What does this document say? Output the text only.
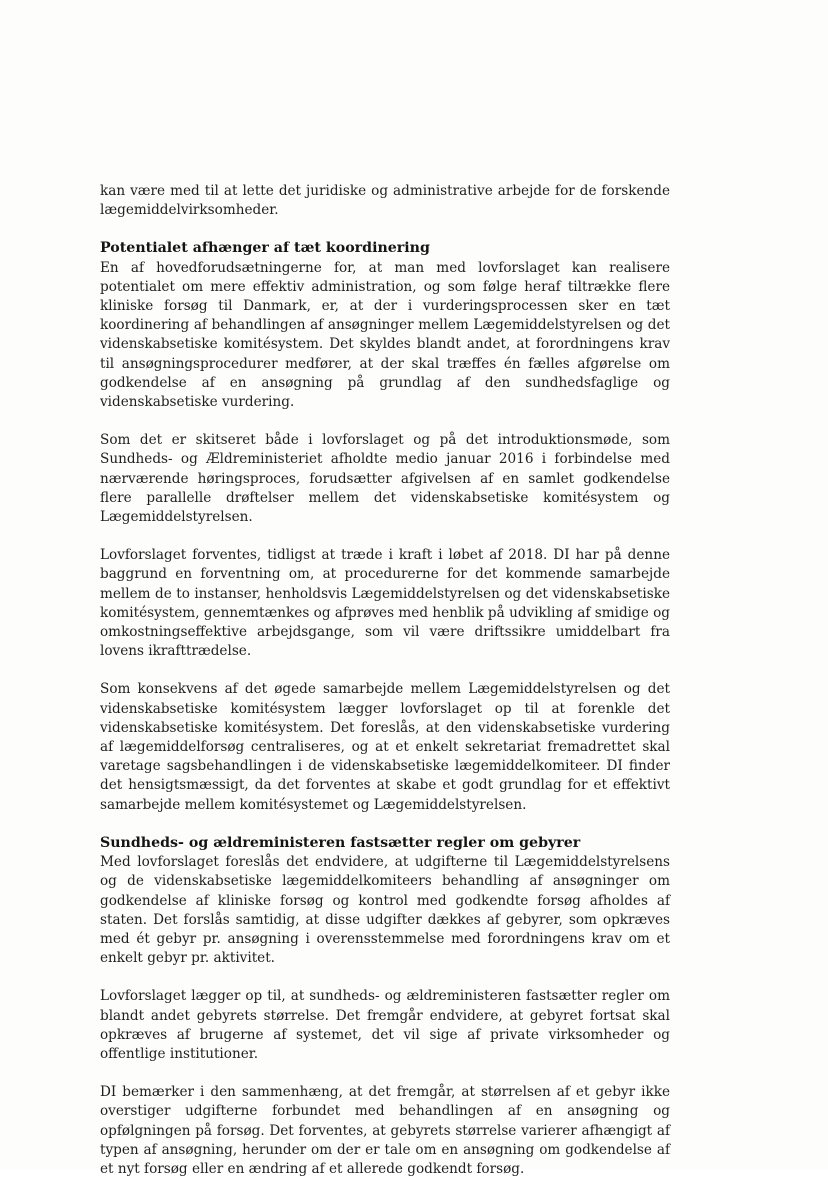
kan være med til at lette det juridiske og administrative arbejde for de forskende lægemiddelvirksomheder.

Potentialet afhænger af tæt koordinering

En af hovedforudsætningerne for, at man med lovforslaget kan realisere potentialet om mere effektiv administration, og som følge heraf tiltrække flere kliniske forsøg til Danmark, er, at der i vurderingsprocessen sker en tæt koordinering af behandlingen af ansøgninger mellem Lægemiddelstyrelsen og det videnskabsetiske komitésystem. Det skyldes blandt andet, at forordningens krav til ansøgningsprocedurer medfører, at der skal træffes én fælles afgørelse om godkendelse af en ansøgning på grundlag af den sundhedsfaglige og videnskabsetiske vurdering.

Som det er skitseret både i lovforslaget og på det introduktionsmøde, som Sundheds- og Ældreministeriet afholdte medio januar 2016 i forbindelse med nærværende høringsproces, forudsætter afgivelsen af en samlet godkendelse flere parallelle drøftelser mellem det videnskabsetiske komitésystem og Lægemiddelstyrelsen.

Lovforslaget forventes, tidligst at træde i kraft i løbet af 2018. DI har på denne baggrund en forventning om, at procedurerne for det kommende samarbejde mellem de to instanser, henholdsvis Lægemiddelstyrelsen og det videnskabsetiske komitésystem, gennemtænkes og afprøves med henblik på udvikling af smidige og omkostningseffektive arbejdsgange, som vil være driftssikre umiddelbart fra lovens ikrafttrædelse.

Som konsekvens af det øgede samarbejde mellem Lægemiddelstyrelsen og det videnskabsetiske komitésystem lægger lovforslaget op til at forenkle det videnskabsetiske komitésystem. Det foreslås, at den videnskabsetiske vurdering af lægemiddelforsøg centraliseres, og at et enkelt sekretariat fremadrettet skal varetage sagsbehandlingen i de videnskabsetiske lægemiddelkomiteer. DI finder det hensigtsmæssigt, da det forventes at skabe et godt grundlag for et effektivt samarbejde mellem komitésystemet og Lægemiddelstyrelsen.

Sundheds- og ældreministeren fastsætter regler om gebyrer

Med lovforslaget foreslås det endvidere, at udgifterne til Lægemiddelstyrelsens og de videnskabsetiske lægemiddelkomiteers behandling af ansøgninger om godkendelse af kliniske forsøg og kontrol med godkendte forsøg afholdes af staten. Det forslås samtidig, at disse udgifter dækkes af gebyrer, som opkræves med ét gebyr pr. ansøgning i overensstemmelse med forordningens krav om et enkelt gebyr pr. aktivitet.

Lovforslaget lægger op til, at sundheds- og ældreministeren fastsætter regler om blandt andet gebyrets størrelse. Det fremgår endvidere, at gebyret fortsat skal opkræves af brugerne af systemet, det vil sige af private virksomheder og offentlige institutioner.

DI bemærker i den sammenhæng, at det fremgår, at størrelsen af et gebyr ikke overstiger udgifterne forbundet med behandlingen af en ansøgning og opfølgningen på forsøg. Det forventes, at gebyrets størrelse varierer afhængigt af typen af ansøgning, herunder om der er tale om en ansøgning om godkendelse af et nyt forsøg eller en ændring af et allerede godkendt forsøg.
